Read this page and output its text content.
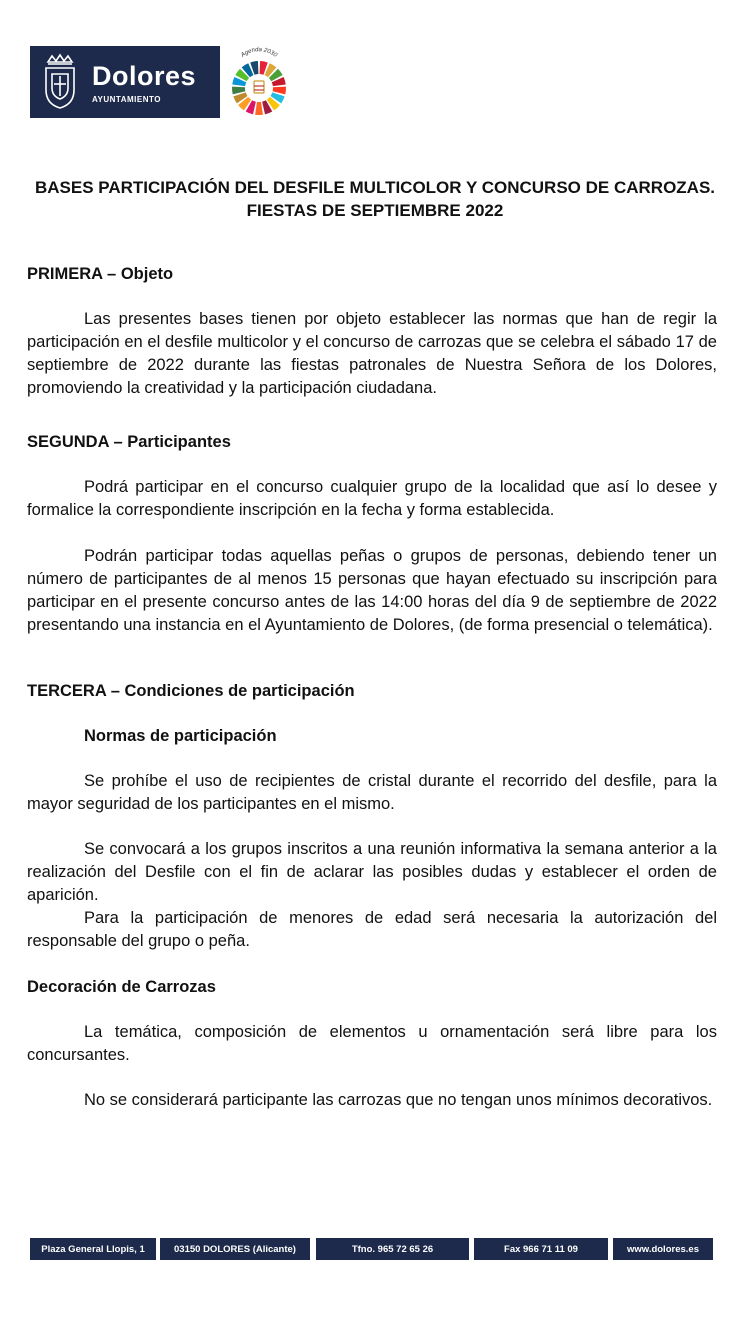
Dolores
AYUNTAMIENTO
Agenda 2030
BASES PARTICIPACIÓN DEL DESFILE MULTICOLOR Y CONCURSO DE CARROZAS. FIESTAS DE SEPTIEMBRE 2022
PRIMERA – Objeto
Las presentes bases tienen por objeto establecer las normas que han de regir la participación en el desfile multicolor y el concurso de carrozas que se celebra el sábado 17 de septiembre de 2022 durante las fiestas patronales de Nuestra Señora de los Dolores, promoviendo la creatividad y la participación ciudadana.
SEGUNDA – Participantes
Podrá participar en el concurso cualquier grupo de la localidad que así lo desee y formalice la correspondiente inscripción en la fecha y forma establecida.
Podrán participar todas aquellas peñas o grupos de personas, debiendo tener un número de participantes de al menos 15 personas que hayan efectuado su inscripción para participar en el presente concurso antes de las 14:00 horas del día 9 de septiembre de 2022 presentando una instancia en el Ayuntamiento de Dolores, (de forma presencial o telemática).
TERCERA – Condiciones de participación
Normas de participación
Se prohíbe el uso de recipientes de cristal durante el recorrido del desfile, para la mayor seguridad de los participantes en el mismo.
Se convocará a los grupos inscritos a una reunión informativa la semana anterior a la realización del Desfile con el fin de aclarar las posibles dudas y establecer el orden de aparición.
Para la participación de menores de edad será necesaria la autorización del responsable del grupo o peña.
Decoración de Carrozas
La temática, composición de elementos u ornamentación será libre para los concursantes.
No se considerará participante las carrozas que no tengan unos mínimos decorativos.
Plaza General Llopis, 1	03150 DOLORES (Alicante)	Tfno. 965 72 65 26	Fax 966 71 11 09	www.dolores.es
